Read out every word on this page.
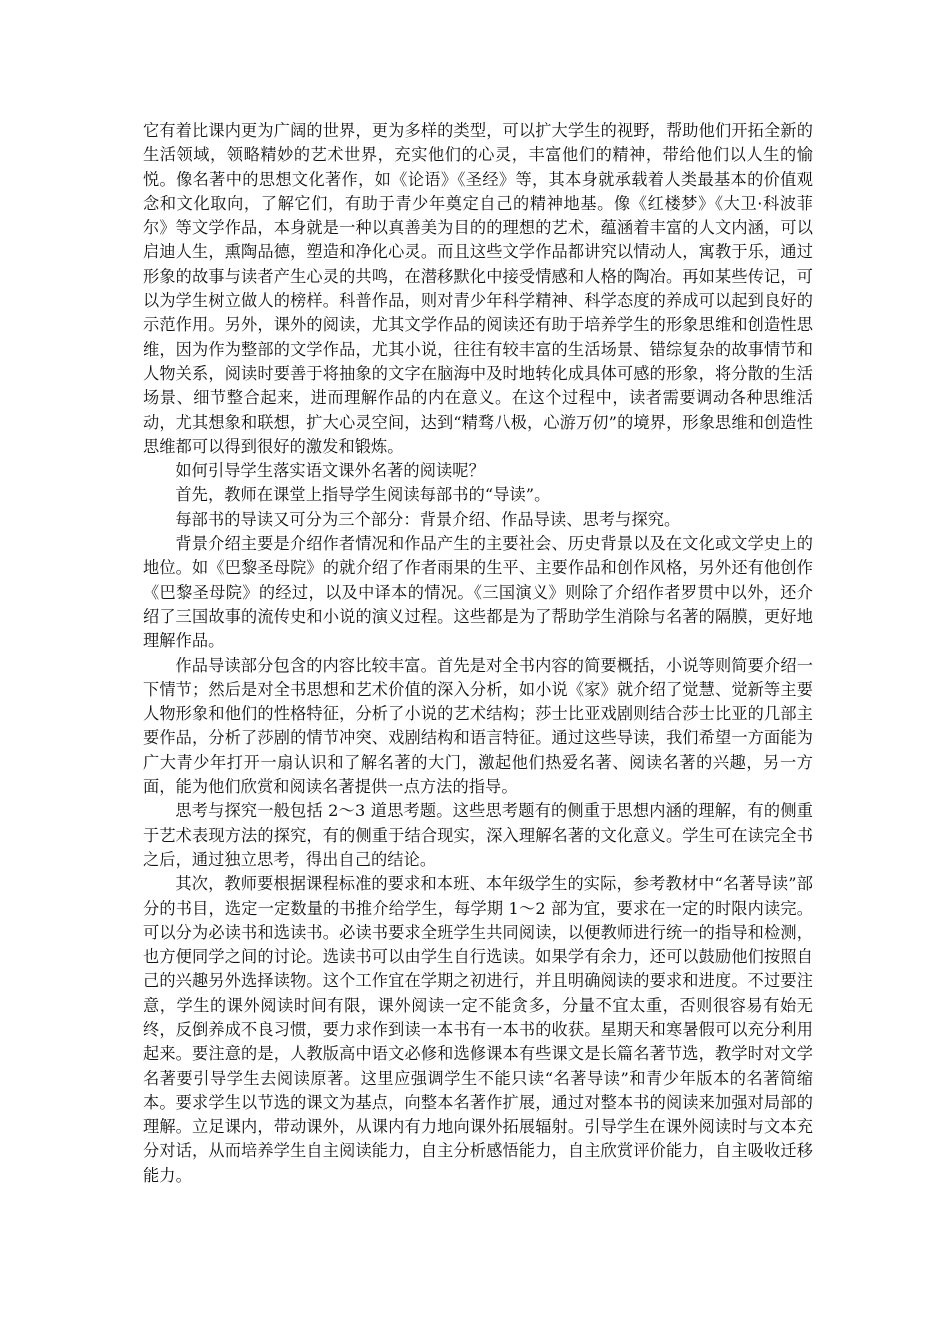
它有着比课内更为广阔的世界，更为多样的类型，可以扩大学生的视野，帮助他们开拓全新的生活领域，领略精妙的艺术世界，充实他们的心灵，丰富他们的精神，带给他们以人生的愉悦。像名著中的思想文化著作，如《论语》《圣经》等，其本身就承载着人类最基本的价值观念和文化取向，了解它们，有助于青少年奠定自己的精神地基。像《红楼梦》《大卫·科波菲尔》等文学作品，本身就是一种以真善美为目的的理想的艺术，蕴涵着丰富的人文内涵，可以启迪人生，熏陶品德，塑造和净化心灵。而且这些文学作品都讲究以情动人，寓教于乐，通过形象的故事与读者产生心灵的共鸣，在潜移默化中接受情感和人格的陶冶。再如某些传记，可以为学生树立做人的榜样。科普作品，则对青少年科学精神、科学态度的养成可以起到良好的示范作用。另外，课外的阅读，尤其文学作品的阅读还有助于培养学生的形象思维和创造性思维，因为作为整部的文学作品，尤其小说，往往有较丰富的生活场景、错综复杂的故事情节和人物关系，阅读时要善于将抽象的文字在脑海中及时地转化成具体可感的形象，将分散的生活场景、细节整合起来，进而理解作品的内在意义。在这个过程中，读者需要调动各种思维活动，尤其想象和联想，扩大心灵空间，达到“精骛八极，心游万仞”的境界，形象思维和创造性思维都可以得到很好的激发和锻炼。

如何引导学生落实语文课外名著的阅读呢？

首先，教师在课堂上指导学生阅读每部书的“导读”。

每部书的导读又可分为三个部分：背景介绍、作品导读、思考与探究。

背景介绍主要是介绍作者情况和作品产生的主要社会、历史背景以及在文化或文学史上的地位。如《巴黎圣母院》的就介绍了作者雨果的生平、主要作品和创作风格，另外还有他创作《巴黎圣母院》的经过，以及中译本的情况。《三国演义》则除了介绍作者罗贯中以外，还介绍了三国故事的流传史和小说的演义过程。这些都是为了帮助学生消除与名著的隔膜，更好地理解作品。

作品导读部分包含的内容比较丰富。首先是对全书内容的简要概括，小说等则简要介绍一下情节；然后是对全书思想和艺术价值的深入分析，如小说《家》就介绍了觉慧、觉新等主要人物形象和他们的性格特征，分析了小说的艺术结构；莎士比亚戏剧则结合莎士比亚的几部主要作品，分析了莎剧的情节冲突、戏剧结构和语言特征。通过这些导读，我们希望一方面能为广大青少年打开一扇认识和了解名著的大门，激起他们热爱名著、阅读名著的兴趣，另一方面，能为他们欣赏和阅读名著提供一点方法的指导。

思考与探究一般包括 2～3 道思考题。这些思考题有的侧重于思想内涵的理解，有的侧重于艺术表现方法的探究，有的侧重于结合现实，深入理解名著的文化意义。学生可在读完全书之后，通过独立思考，得出自己的结论。

其次，教师要根据课程标准的要求和本班、本年级学生的实际，参考教材中“名著导读”部分的书目，选定一定数量的书推介给学生，每学期 1～2 部为宜，要求在一定的时限内读完。可以分为必读书和选读书。必读书要求全班学生共同阅读，以便教师进行统一的指导和检测，也方便同学之间的讨论。选读书可以由学生自行选读。如果学有余力，还可以鼓励他们按照自己的兴趣另外选择读物。这个工作宜在学期之初进行，并且明确阅读的要求和进度。不过要注意，学生的课外阅读时间有限，课外阅读一定不能贪多，分量不宜太重，否则很容易有始无终，反倒养成不良习惯，要力求作到读一本书有一本书的收获。星期天和寒暑假可以充分利用起来。要注意的是，人教版高中语文必修和选修课本有些课文是长篇名著节选，教学时对文学名著要引导学生去阅读原著。这里应强调学生不能只读“名著导读”和青少年版本的名著简缩本。要求学生以节选的课文为基点，向整本名著作扩展，通过对整本书的阅读来加强对局部的理解。立足课内，带动课外，从课内有力地向课外拓展辐射。引导学生在课外阅读时与文本充分对话，从而培养学生自主阅读能力，自主分析感悟能力，自主欣赏评价能力，自主吸收迁移能力。
